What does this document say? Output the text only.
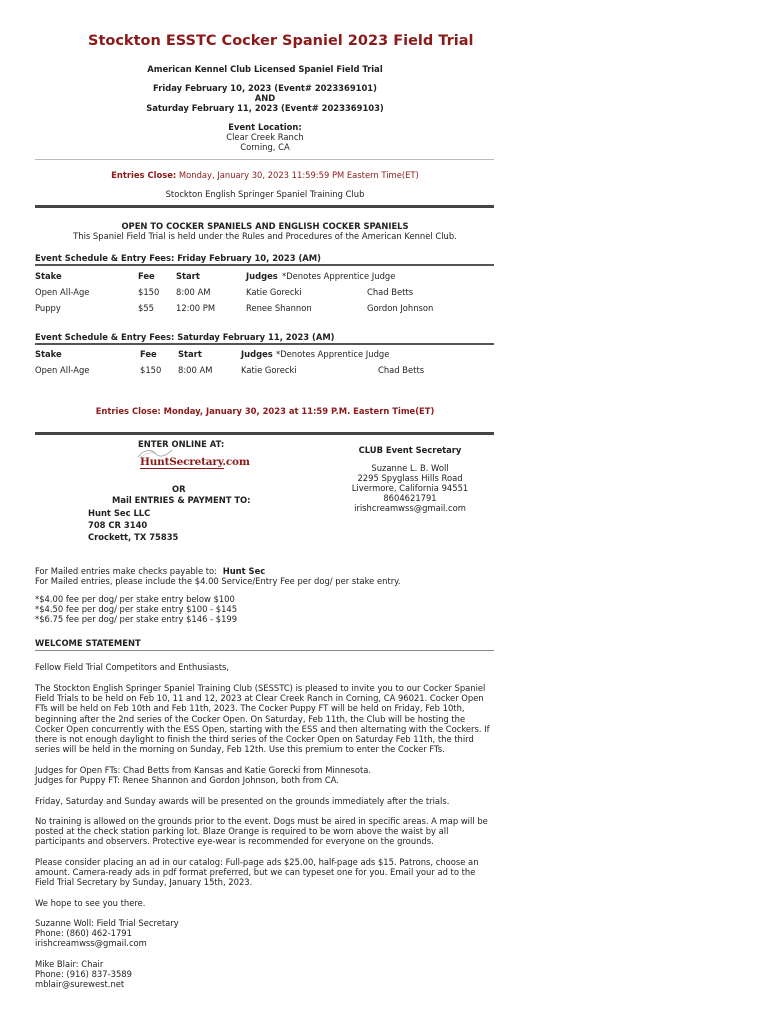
Stockton ESSTC Cocker Spaniel 2023 Field Trial
American Kennel Club Licensed Spaniel Field Trial
Friday February 10, 2023 (Event# 2023369101)
AND
Saturday February 11, 2023 (Event# 2023369103)
Event Location:
Clear Creek Ranch
Corning, CA
Entries Close: Monday, January 30, 2023 11:59:59 PM Eastern Time(ET)
Stockton English Springer Spaniel Training Club
OPEN TO COCKER SPANIELS AND ENGLISH COCKER SPANIELS
This Spaniel Field Trial is held under the Rules and Procedures of the American Kennel Club.
Event Schedule & Entry Fees: Friday February 10, 2023 (AM)
Stake	Fee	Start	Judges *Denotes Apprentice Judge
Open All-Age	$150 8:00 AM	Katie Gorecki	Chad Betts
Puppy	$55	12:00 PM	Renee Shannon	Gordon Johnson
Event Schedule & Entry Fees: Saturday February 11, 2023 (AM)
Stake	Fee	Start	Judges *Denotes Apprentice Judge
Open All-Age	$150 8:00 AM	Katie Gorecki	Chad Betts
Entries Close: Monday, January 30, 2023 at 11:59 P.M. Eastern Time(ET)
ENTER ONLINE AT:
HuntSecretary.com
OR
Mail ENTRIES & PAYMENT TO:
Hunt Sec LLC
708 CR 3140
Crockett, TX 75835
CLUB Event Secretary
Suzanne L. B. Woll
2295 Spyglass Hills Road
Livermore, California 94551
8604621791
irishcreamwss@gmail.com
For Mailed entries make checks payable to: Hunt Sec
For Mailed entries, please include the $4.00 Service/Entry Fee per dog/ per stake entry.
*$4.00 fee per dog/ per stake entry below $100
*$4.50 fee per dog/ per stake entry $100 - $145
*$6.75 fee per dog/ per stake entry $146 - $199
WELCOME STATEMENT
Fellow Field Trial Competitors and Enthusiasts,
The Stockton English Springer Spaniel Training Club (SESSTC) is pleased to invite you to our Cocker Spaniel Field Trials to be held on Feb 10, 11 and 12, 2023 at Clear Creek Ranch in Corning, CA 96021. Cocker Open FTs will be held on Feb 10th and Feb 11th, 2023. The Cocker Puppy FT will be held on Friday, Feb 10th, beginning after the 2nd series of the Cocker Open. On Saturday, Feb 11th, the Club will be hosting the Cocker Open concurrently with the ESS Open, starting with the ESS and then alternating with the Cockers. If there is not enough daylight to finish the third series of the Cocker Open on Saturday Feb 11th, the third series will be held in the morning on Sunday, Feb 12th. Use this premium to enter the Cocker FTs.
Judges for Open FTs: Chad Betts from Kansas and Katie Gorecki from Minnesota.
Judges for Puppy FT: Renee Shannon and Gordon Johnson, both from CA.
Friday, Saturday and Sunday awards will be presented on the grounds immediately after the trials.
No training is allowed on the grounds prior to the event. Dogs must be aired in specific areas. A map will be posted at the check station parking lot. Blaze Orange is required to be worn above the waist by all participants and observers. Protective eye-wear is recommended for everyone on the grounds.
Please consider placing an ad in our catalog: Full-page ads $25.00, half-page ads $15. Patrons, choose an amount. Camera-ready ads in pdf format preferred, but we can typeset one for you. Email your ad to the Field Trial Secretary by Sunday, January 15th, 2023.
We hope to see you there.
Suzanne Woll: Field Trial Secretary
Phone: (860) 462-1791
irishcreamwss@gmail.com
Mike Blair: Chair
Phone: (916) 837-3589
mblair@surewest.net
